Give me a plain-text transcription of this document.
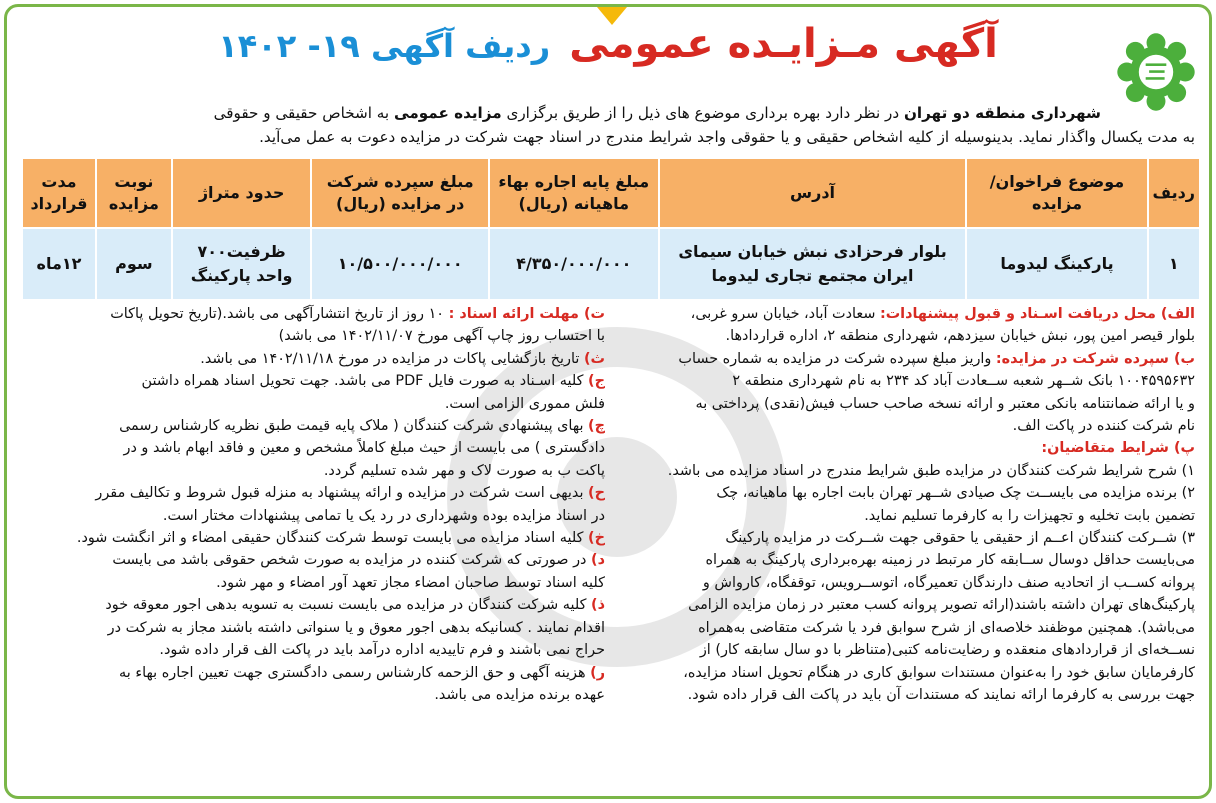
آگهی مـزایـده عمومی ردیف آگهی ۱۹- ۱۴۰۲
شهرداری منطقه دو تهران در نظر دارد بهره برداری موضوع های ذیل را از طریق برگزاری مزایده عمومی به اشخاص حقیقی و حقوقی
به مدت یکسال واگذار نماید. بدینوسیله از کلیه اشخاص حقیقی و یا حقوقی واجد شرایط مندرج در اسناد جهت شرکت در مزایده دعوت به عمل می‌آید.
ردیف	موضوع فراخوان/مزایده	آدرس	مبلغ پایه اجاره بهاء ماهیانه (ریال)	مبلغ سپرده شرکت در مزایده (ریال)	حدود متراژ	نوبت مزایده	مدت قرارداد
۱	پارکینگ لیدوما	بلوار فرحزادی نبش خیابان سیمای ایران مجتمع تجاری لیدوما	۴/۳۵۰/۰۰۰/۰۰۰	۱۰/۵۰۰/۰۰۰/۰۰۰	ظرفیت۷۰۰ واحد پارکینگ	سوم	۱۲ماه
الف) محل دریافت اسـناد و قبول پیشنهادات: سعادت آباد، خیابان سرو غربی،
بلوار قیصر امین پور، نبش خیابان سیزدهم، شهرداری منطقه ۲، اداره قراردادها.
ب) سپرده شرکت در مزایده: واریز مبلغ سپرده شرکت در مزایده به شماره حساب
۱۰۰۴۵۹۵۶۳۲ بانک شــهر شعبه ســعادت آباد کد ۲۳۴ به نام شهرداری منطقه ۲
و یا ارائه ضمانتنامه بانکی معتبر و ارائه نسخه صاحب حساب فیش(نقدی) پرداختی به
نام شرکت کننده در پاکت الف.
پ) شرایط متقاضیان:
۱) شرح شرایط شرکت کنندگان در مزایده طبق شرایط مندرج در اسناد مزایده می باشد.
۲) برنده مزایده می بایســت چک صیادی شــهر تهران بابت اجاره بها ماهیانه، چک
تضمین بابت تخلیه و تجهیزات را به کارفرما تسلیم نماید.
۳) شــرکت کنندگان اعــم از حقیقی یا حقوقی جهت شــرکت در مزایده پارکینگ
می‌بایست حداقل دوسال ســابقه کار مرتبط در زمینه بهره‌برداری پارکینگ به همراه
پروانه کســب از اتحادیه صنف دارندگان تعمیرگاه، اتوســرویس، توقفگاه، کارواش و
پارکینگ‌های تهران داشته باشند(ارائه تصویر پروانه کسب معتبر در زمان مزایده الزامی
می‌باشد). همچنین موظفند خلاصه‌ای از شرح سوابق فرد یا شرکت متقاضی به‌همراه
نســخه‌ای از قراردادهای منعقده و رضایت‌نامه کتبی(متناظر با دو سال سابقه کار) از
کارفرمایان سابق خود را به‌عنوان مستندات سوابق کاری در هنگام تحویل اسناد مزایده،
جهت بررسی به کارفرما ارائه نمایند که مستندات آن باید در پاکت الف قرار داده شود.
ت) مهلت ارائه اسناد : ۱۰ روز از تاریخ انتشارآگهی می باشد.(تاریخ تحویل پاکات
با احتساب روز چاپ آگهی مورخ ۱۴۰۲/۱۱/۰۷ می باشد)
ث) تاریخ بازگشایی پاکات در مزایده در مورخ ۱۴۰۲/۱۱/۱۸ می باشد.
ج) کلیه اسـناد به صورت فایل PDF می باشد. جهت تحویل اسناد همراه داشتن
فلش مموری الزامی است.
چ) بهای پیشنهادی شرکت کنندگان ( ملاک پایه قیمت طبق نظریه کارشناس رسمی
دادگستری ) می بایست از حیث مبلغ کاملاً مشخص و معین و فاقد ابهام باشد و در
پاکت ب به صورت لاک و مهر شده تسلیم گردد.
ح) بدیهی است شرکت در مزایده و ارائه پیشنهاد به منزله قبول شروط و تکالیف مقرر
در اسناد مزایده بوده وشهرداری در رد یک یا تمامی پیشنهادات مختار است.
خ) کلیه اسناد مزایده می بایست توسط شرکت کنندگان حقیقی امضاء و اثر انگشت شود.
د) در صورتی که شرکت کننده در مزایده به صورت شخص حقوقی باشد می بایست
کلیه اسناد توسط صاحبان امضاء مجاز تعهد آور امضاء و مهر شود.
ذ) کلیه شرکت کنندگان در مزایده می بایست نسبت به تسویه بدهی اجور معوقه خود
اقدام نمایند . کسانیکه بدهی اجور معوق و یا سنواتی داشته باشند مجاز به شرکت در
حراج نمی باشند و فرم تاییدیه اداره درآمد باید در پاکت الف قرار داده شود.
ر) هزینه آگهی و حق الزحمه کارشناس رسمی دادگستری جهت تعیین اجاره بهاء به
عهده برنده مزایده می باشد.
